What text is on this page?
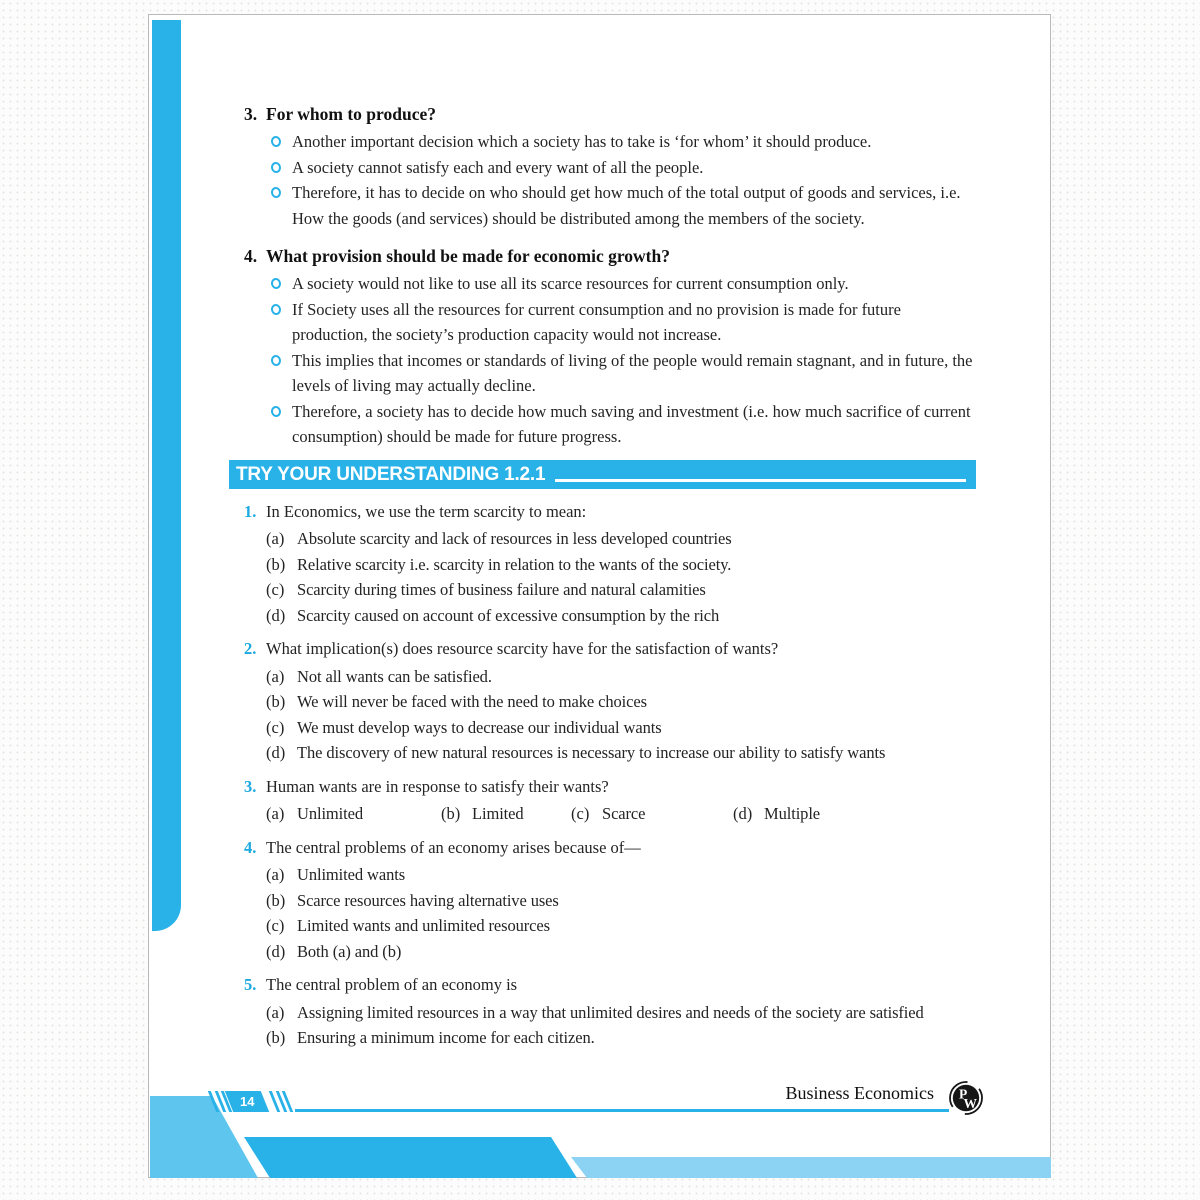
3. For whom to produce?
Another important decision which a society has to take is ‘for whom’ it should produce.
A society cannot satisfy each and every want of all the people.
Therefore, it has to decide on who should get how much of the total output of goods and services, i.e. How the goods (and services) should be distributed among the members of the society.
4. What provision should be made for economic growth?
A society would not like to use all its scarce resources for current consumption only.
If Society uses all the resources for current consumption and no provision is made for future production, the society’s production capacity would not increase.
This implies that incomes or standards of living of the people would remain stagnant, and in future, the levels of living may actually decline.
Therefore, a society has to decide how much saving and investment (i.e. how much sacrifice of current consumption) should be made for future progress.
TRY YOUR UNDERSTANDING 1.2.1
1. In Economics, we use the term scarcity to mean:
(a) Absolute scarcity and lack of resources in less developed countries
(b) Relative scarcity i.e. scarcity in relation to the wants of the society.
(c) Scarcity during times of business failure and natural calamities
(d) Scarcity caused on account of excessive consumption by the rich
2. What implication(s) does resource scarcity have for the satisfaction of wants?
(a) Not all wants can be satisfied.
(b) We will never be faced with the need to make choices
(c) We must develop ways to decrease our individual wants
(d) The discovery of new natural resources is necessary to increase our ability to satisfy wants
3. Human wants are in response to satisfy their wants?
(a) Unlimited	(b) Limited	(c) Scarce	(d) Multiple
4. The central problems of an economy arises because of—
(a) Unlimited wants
(b) Scarce resources having alternative uses
(c) Limited wants and unlimited resources
(d) Both (a) and (b)
5. The central problem of an economy is
(a) Assigning limited resources in a way that unlimited desires and needs of the society are satisfied
(b) Ensuring a minimum income for each citizen.
14	Business Economics P
W
